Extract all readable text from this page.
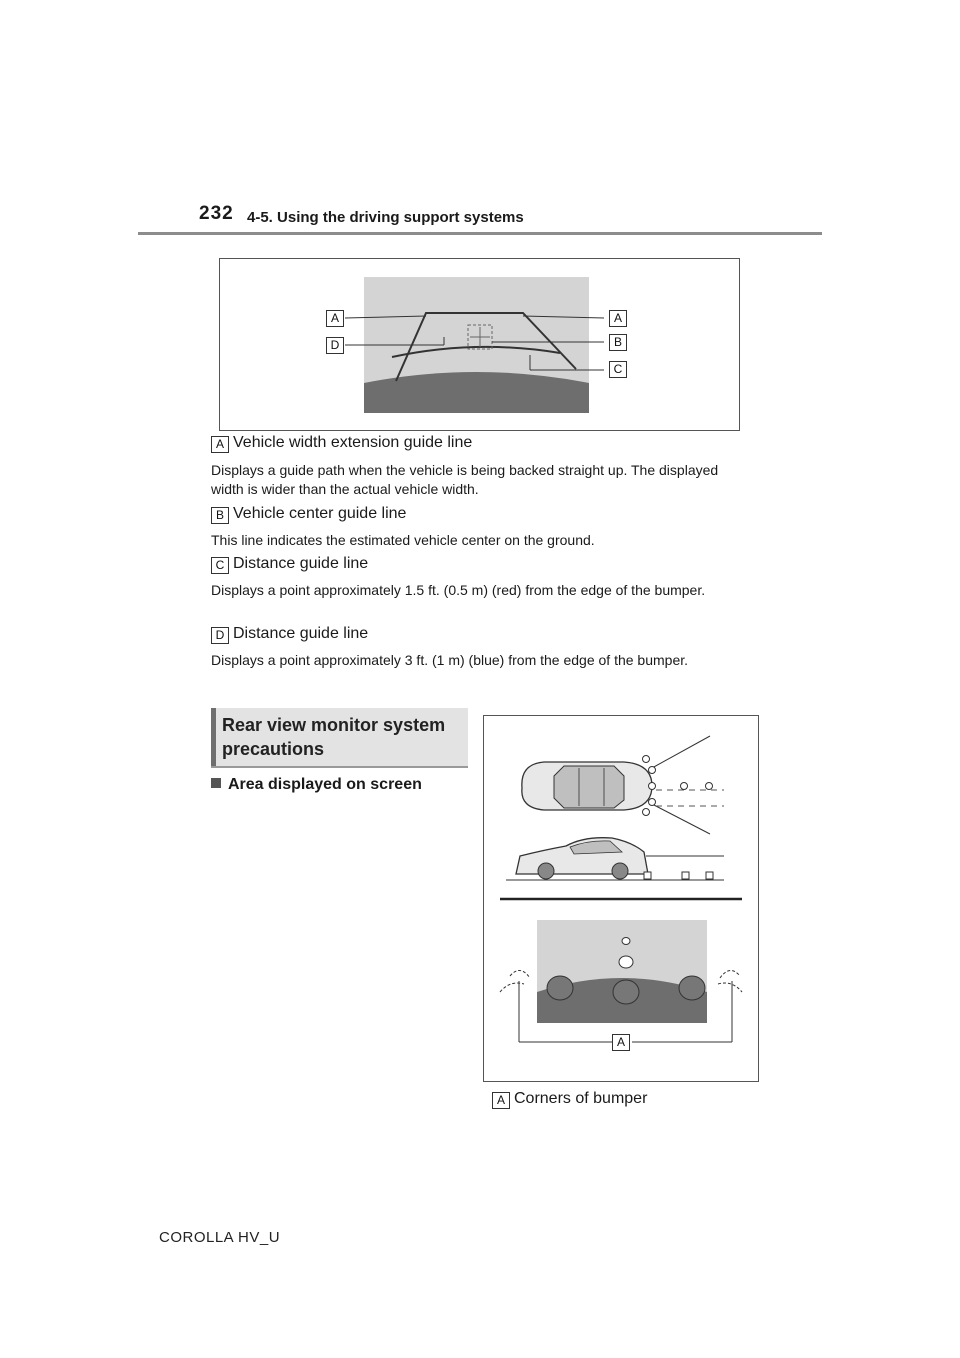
232 4-5. Using the driving support systems
A
D
A
B
C
A Vehicle width extension guide line
Displays a guide path when the vehicle is being backed straight up. The displayed width is wider than the actual vehicle width.
B Vehicle center guide line
This line indicates the estimated vehicle center on the ground.
C Distance guide line
Displays a point approximately 1.5 ft. (0.5 m) (red) from the edge of the bumper.
D Distance guide line
Displays a point approximately 3 ft. (1 m) (blue) from the edge of the bumper.
Rear view monitor system precautions
Area displayed on screen
A
A Corners of bumper
COROLLA HV_U
